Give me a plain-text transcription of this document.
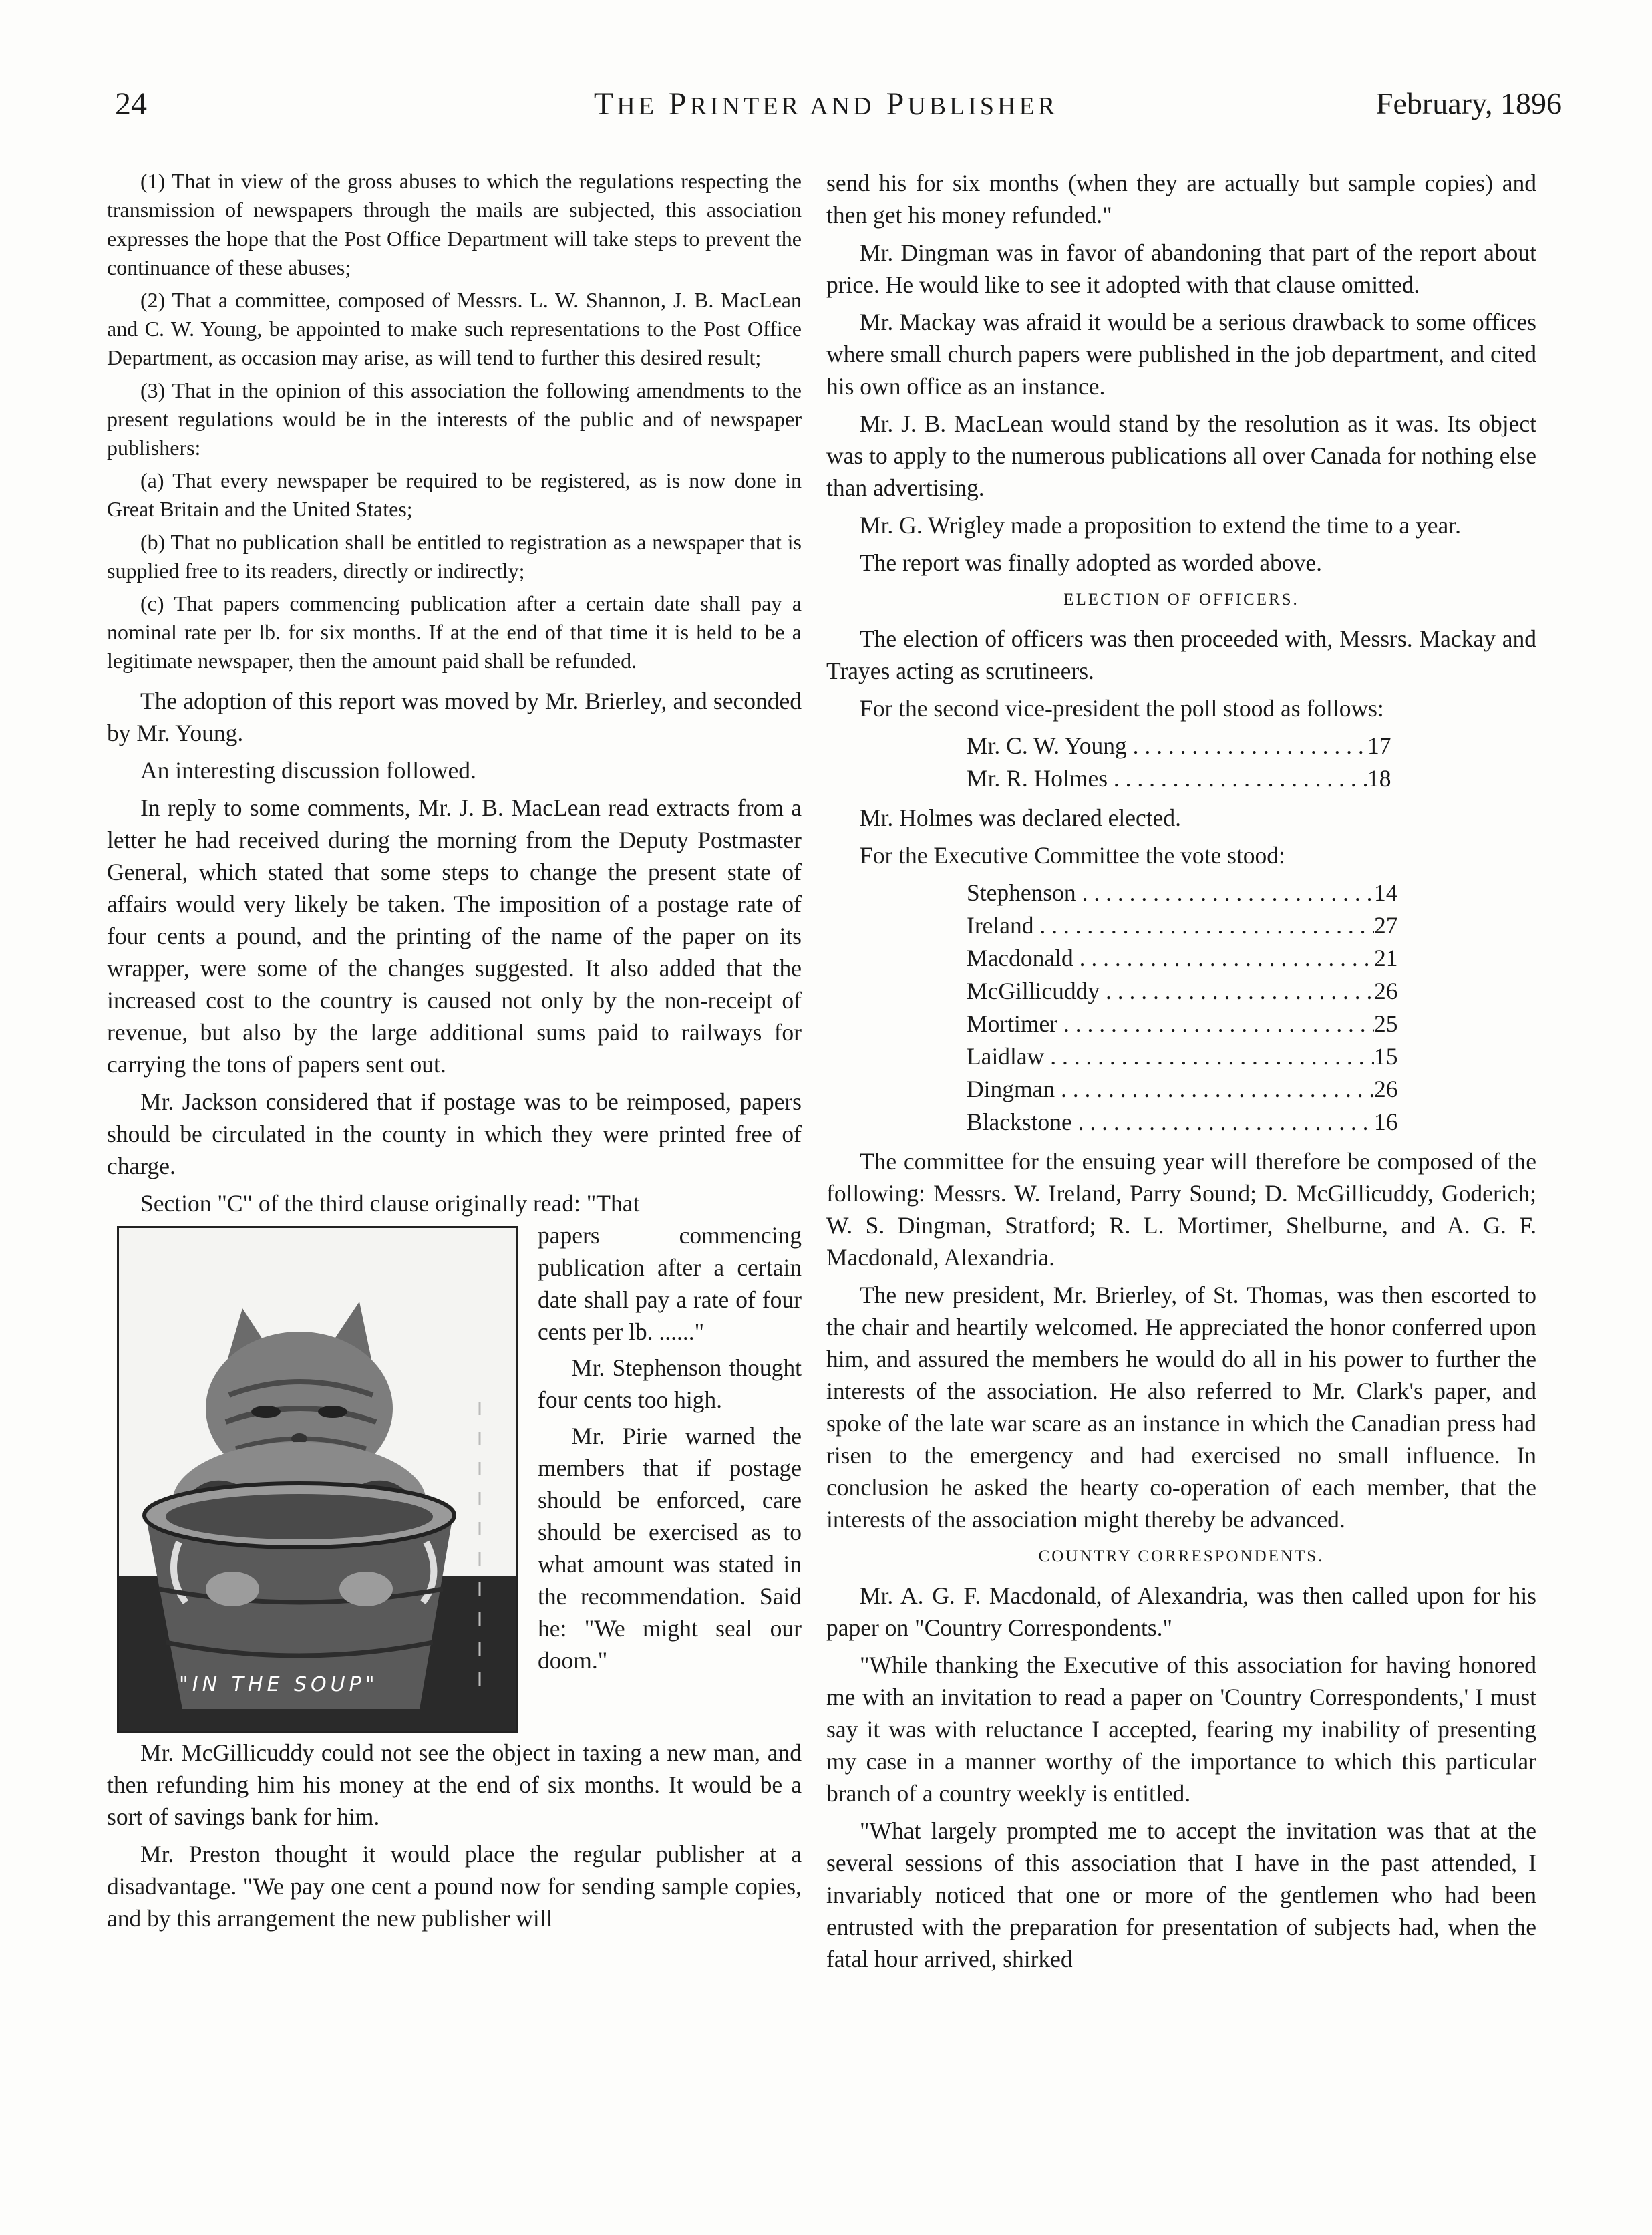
24	THE PRINTER AND PUBLISHER	February, 1896

(1) That in view of the gross abuses to which the regulations respecting the transmission of newspapers through the mails are subjected, this association expresses the hope that the Post Office Department will take steps to prevent the continuance of these abuses;

(2) That a committee, composed of Messrs. L. W. Shannon, J. B. MacLean and C. W. Young, be appointed to make such representations to the Post Office Department, as occasion may arise, as will tend to further this desired result;

(3) That in the opinion of this association the following amendments to the present regulations would be in the interests of the public and of newspaper publishers:

(a) That every newspaper be required to be registered, as is now done in Great Britain and the United States;

(b) That no publication shall be entitled to registration as a newspaper that is supplied free to its readers, directly or indirectly;

(c) That papers commencing publication after a certain date shall pay a nominal rate per lb. for six months. If at the end of that time it is held to be a legitimate newspaper, then the amount paid shall be refunded.

The adoption of this report was moved by Mr. Brierley, and seconded by Mr. Young.

An interesting discussion followed.

In reply to some comments, Mr. J. B. MacLean read extracts from a letter he had received during the morning from the Deputy Postmaster General, which stated that some steps to change the present state of affairs would very likely be taken. The imposition of a postage rate of four cents a pound, and the printing of the name of the paper on its wrapper, were some of the changes suggested. It also added that the increased cost to the country is caused not only by the non-receipt of revenue, but also by the large additional sums paid to railways for carrying the tons of papers sent out.

Mr. Jackson considered that if postage was to be reimposed, papers should be circulated in the county in which they were printed free of charge.

Section "C" of the third clause originally read: "That

"IN THE SOUP"

papers commencing publication after a certain date shall pay a rate of four cents per lb. ......"

Mr. Stephenson thought four cents too high.

Mr. Pirie warned the members that if postage should be enforced, care should be exercised as to what amount was stated in the recommendation. Said he: "We might seal our doom."

Mr. McGillicuddy could not see the object in taxing a new man, and then refunding him his money at the end of six months. It would be a sort of savings bank for him.

Mr. Preston thought it would place the regular publisher at a disadvantage. "We pay one cent a pound now for sending sample copies, and by this arrangement the new publisher will

send his for six months (when they are actually but sample copies) and then get his money refunded."

Mr. Dingman was in favor of abandoning that part of the report about price. He would like to see it adopted with that clause omitted.

Mr. Mackay was afraid it would be a serious drawback to some offices where small church papers were published in the job department, and cited his own office as an instance.

Mr. J. B. MacLean would stand by the resolution as it was. Its object was to apply to the numerous publications all over Canada for nothing else than advertising.

Mr. G. Wrigley made a proposition to extend the time to a year.

The report was finally adopted as worded above.

ELECTION OF OFFICERS.

The election of officers was then proceeded with, Messrs. Mackay and Trayes acting as scrutineers.

For the second vice-president the poll stood as follows:

Mr. C. W. Young . . .	17
Mr. R. Holmes . . .	18

Mr. Holmes was declared elected.

For the Executive Committee the vote stood:

Stephenson . . .	14
Ireland . . .	27
Macdonald . . .	21
McGillicuddy . . .	26
Mortimer . . .	25
Laidlaw . . .	15
Dingman . . .	26
Blackstone . . .	16

The committee for the ensuing year will therefore be composed of the following: Messrs. W. Ireland, Parry Sound; D. McGillicuddy, Goderich; W. S. Dingman, Stratford; R. L. Mortimer, Shelburne, and A. G. F. Macdonald, Alexandria.

The new president, Mr. Brierley, of St. Thomas, was then escorted to the chair and heartily welcomed. He appreciated the honor conferred upon him, and assured the members he would do all in his power to further the interests of the association. He also referred to Mr. Clark's paper, and spoke of the late war scare as an instance in which the Canadian press had risen to the emergency and had exercised no small influence. In conclusion he asked the hearty co-operation of each member, that the interests of the association might thereby be advanced.

COUNTRY CORRESPONDENTS.

Mr. A. G. F. Macdonald, of Alexandria, was then called upon for his paper on "Country Correspondents."

"While thanking the Executive of this association for having honored me with an invitation to read a paper on 'Country Correspondents,' I must say it was with reluctance I accepted, fearing my inability of presenting my case in a manner worthy of the importance to which this particular branch of a country weekly is entitled.

"What largely prompted me to accept the invitation was that at the several sessions of this association that I have in the past attended, I invariably noticed that one or more of the gentlemen who had been entrusted with the preparation for presentation of subjects had, when the fatal hour arrived, shirked
